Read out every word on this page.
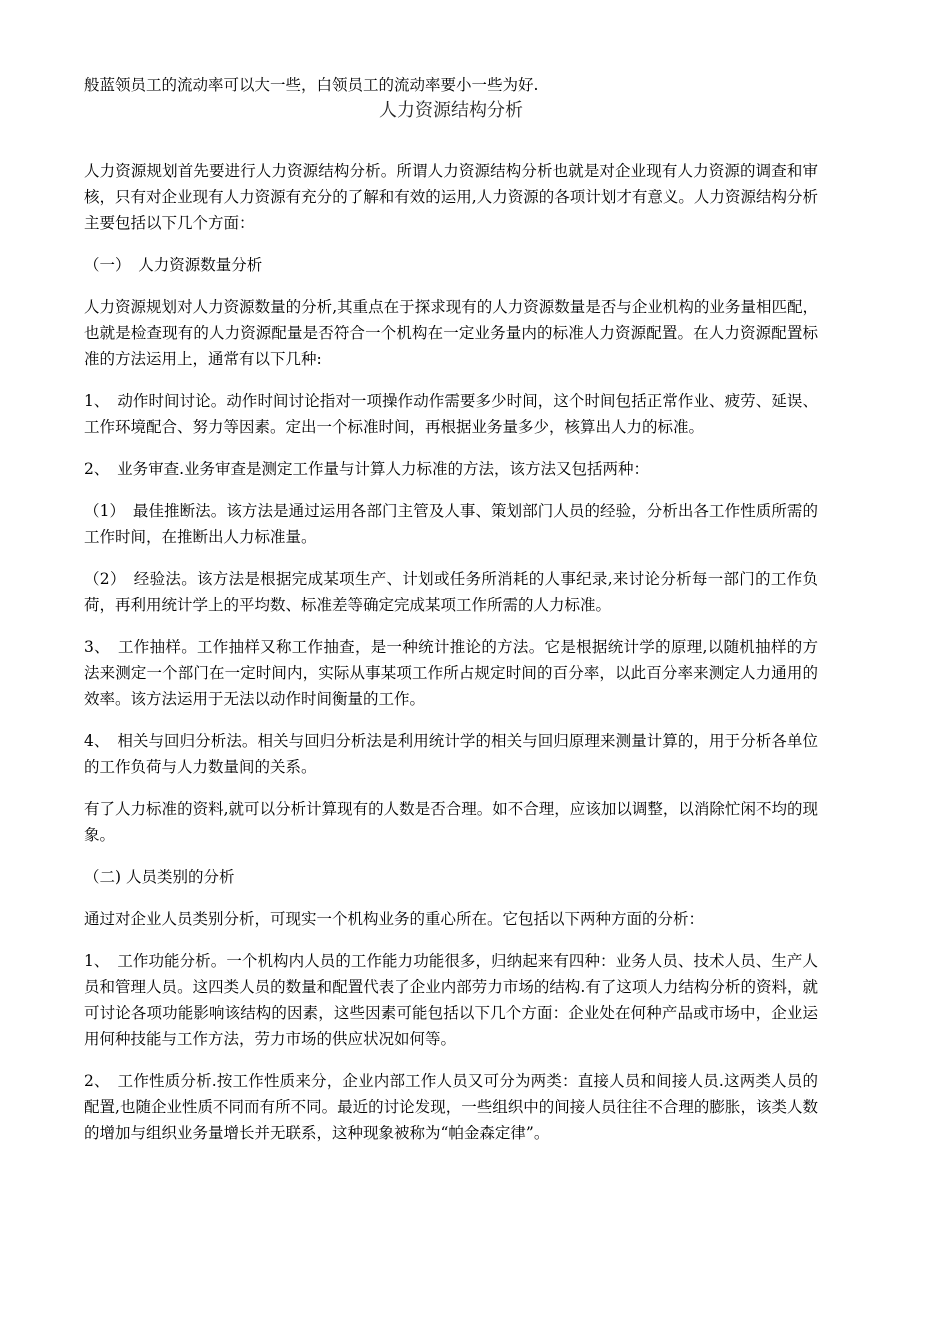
般蓝领员工的流动率可以大一些，白领员工的流动率要小一些为好.
人力资源结构分析

人力资源规划首先要进行人力资源结构分析。所谓人力资源结构分析也就是对企业现有人力资源的调查和审核，只有对企业现有人力资源有充分的了解和有效的运用,人力资源的各项计划才有意义。人力资源结构分析主要包括以下几个方面：

（一）　人力资源数量分析

人力资源规划对人力资源数量的分析,其重点在于探求现有的人力资源数量是否与企业机构的业务量相匹配，也就是检查现有的人力资源配量是否符合一个机构在一定业务量内的标准人力资源配置。在人力资源配置标准的方法运用上，通常有以下几种:

1、　动作时间讨论。动作时间讨论指对一项操作动作需要多少时间，这个时间包括正常作业、疲劳、延误、工作环境配合、努力等因素。定出一个标准时间，再根据业务量多少，核算出人力的标准。

2、　业务审查.业务审查是测定工作量与计算人力标准的方法，该方法又包括两种：

（1）　最佳推断法。该方法是通过运用各部门主管及人事、策划部门人员的经验，分析出各工作性质所需的工作时间，在推断出人力标准量。

（2）　经验法。该方法是根据完成某项生产、计划或任务所消耗的人事纪录,来讨论分析每一部门的工作负荷，再利用统计学上的平均数、标准差等确定完成某项工作所需的人力标准。

3、　工作抽样。工作抽样又称工作抽查，是一种统计推论的方法。它是根据统计学的原理,以随机抽样的方法来测定一个部门在一定时间内，实际从事某项工作所占规定时间的百分率，以此百分率来测定人力通用的效率。该方法运用于无法以动作时间衡量的工作。

4、　相关与回归分析法。相关与回归分析法是利用统计学的相关与回归原理来测量计算的，用于分析各单位的工作负荷与人力数量间的关系。

有了人力标准的资料,就可以分析计算现有的人数是否合理。如不合理，应该加以调整，以消除忙闲不均的现象。

（二) 人员类别的分析

通过对企业人员类别分析，可现实一个机构业务的重心所在。它包括以下两种方面的分析：

1、　工作功能分析。一个机构内人员的工作能力功能很多，归纳起来有四种：业务人员、技术人员、生产人员和管理人员。这四类人员的数量和配置代表了企业内部劳力市场的结构.有了这项人力结构分析的资料，就可讨论各项功能影响该结构的因素，这些因素可能包括以下几个方面：企业处在何种产品或市场中，企业运用何种技能与工作方法，劳力市场的供应状况如何等。

2、　工作性质分析.按工作性质来分，企业内部工作人员又可分为两类：直接人员和间接人员.这两类人员的配置,也随企业性质不同而有所不同。最近的讨论发现，一些组织中的间接人员往往不合理的膨胀，该类人数的增加与组织业务量增长并无联系，这种现象被称为“帕金森定律”。
